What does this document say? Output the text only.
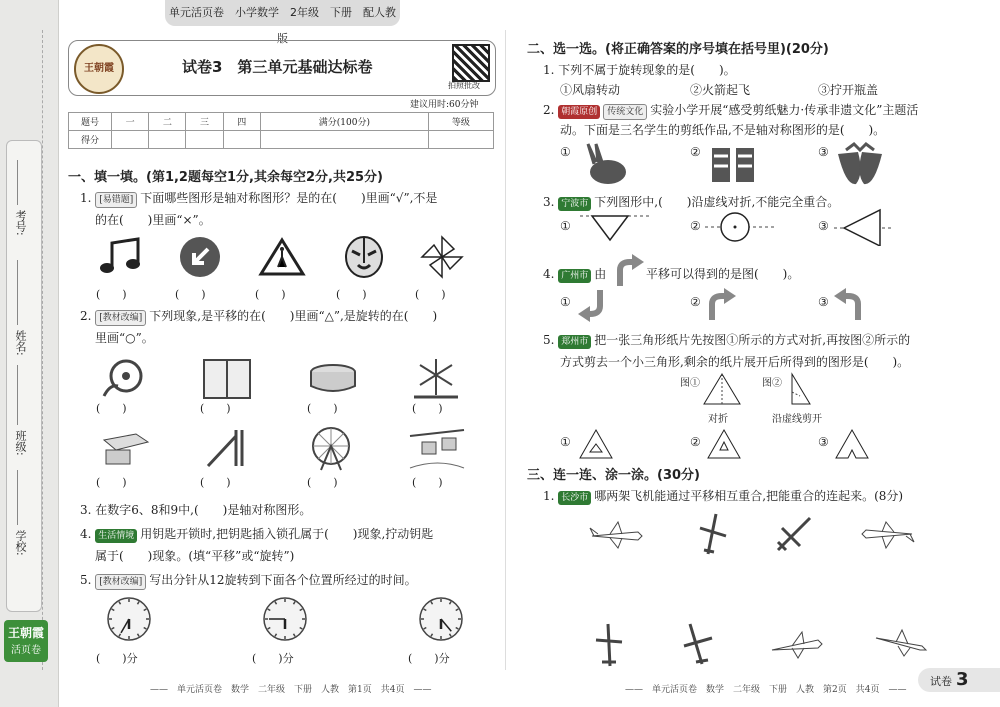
考号:
姓名:
班级:
学校:
王朝霞
活页卷
单元活页卷　小学数学　2年级　下册　配人教版
王朝霞	试卷3　第三单元基础达标卷
拍照批改
建议用时:60分钟
题号	一	二	三	四	满分(100分)	等级
得分						
一、填一填。(第1,2题每空1分,其余每空2分,共25分)
1. [易错题] 下面哪些图形是轴对称图形？是的在(　　)里画“√”,不是
的在(　　)里画“×”。
(　　)	(　　)	(　　)	(　　)	(　　)
2. [教材改编] 下列现象,是平移的在(　　)里画“△”,是旋转的在(　　)
里画“○”。
(　　)	(　　)	(　　)	(　　)
(　　)	(　　)	(　　)	(　　)
3. 在数字6、8和9中,(　　)是轴对称图形。
4. 生活情境 用钥匙开锁时,把钥匙插入锁孔属于(　　)现象,拧动钥匙
属于(　　)现象。(填“平移”或“旋转”)
5. [教材改编] 写出分针从12旋转到下面各个位置所经过的时间。
(　　)分	(　　)分	(　　)分
二、选一选。(将正确答案的序号填在括号里)(20分)
1. 下列不属于旋转现象的是(　　)。
①风扇转动	②火箭起飞	③拧开瓶盖
2. 朝霞原创 传统文化 实验小学开展“感受剪纸魅力·传承非遗文化”主题活
动。下面是三名学生的剪纸作品,不是轴对称图形的是(　　)。
①	②	③
3. 宁波市 下列图形中,(　　)沿虚线对折,不能完全重合。
①	②	③
4. 广州市 由	平移可以得到的是图(　　)。
①	②	③
5. 郑州市 把一张三角形纸片先按图①所示的方式对折,再按图②所示的
方式剪去一个小三角形,剩余的纸片展开后所得到的图形是(　　)。
图①	图②
对折	沿虚线剪开
①	②	③
三、连一连、涂一涂。(30分)
1. 长沙市 哪两架飞机能通过平移相互重合,把能重合的连起来。(8分)
——　单元活页卷　数学　二年级　下册　人教　第1页　共4页　——	——　单元活页卷　数学　二年级　下册　人教　第2页　共4页　——
试卷 3
